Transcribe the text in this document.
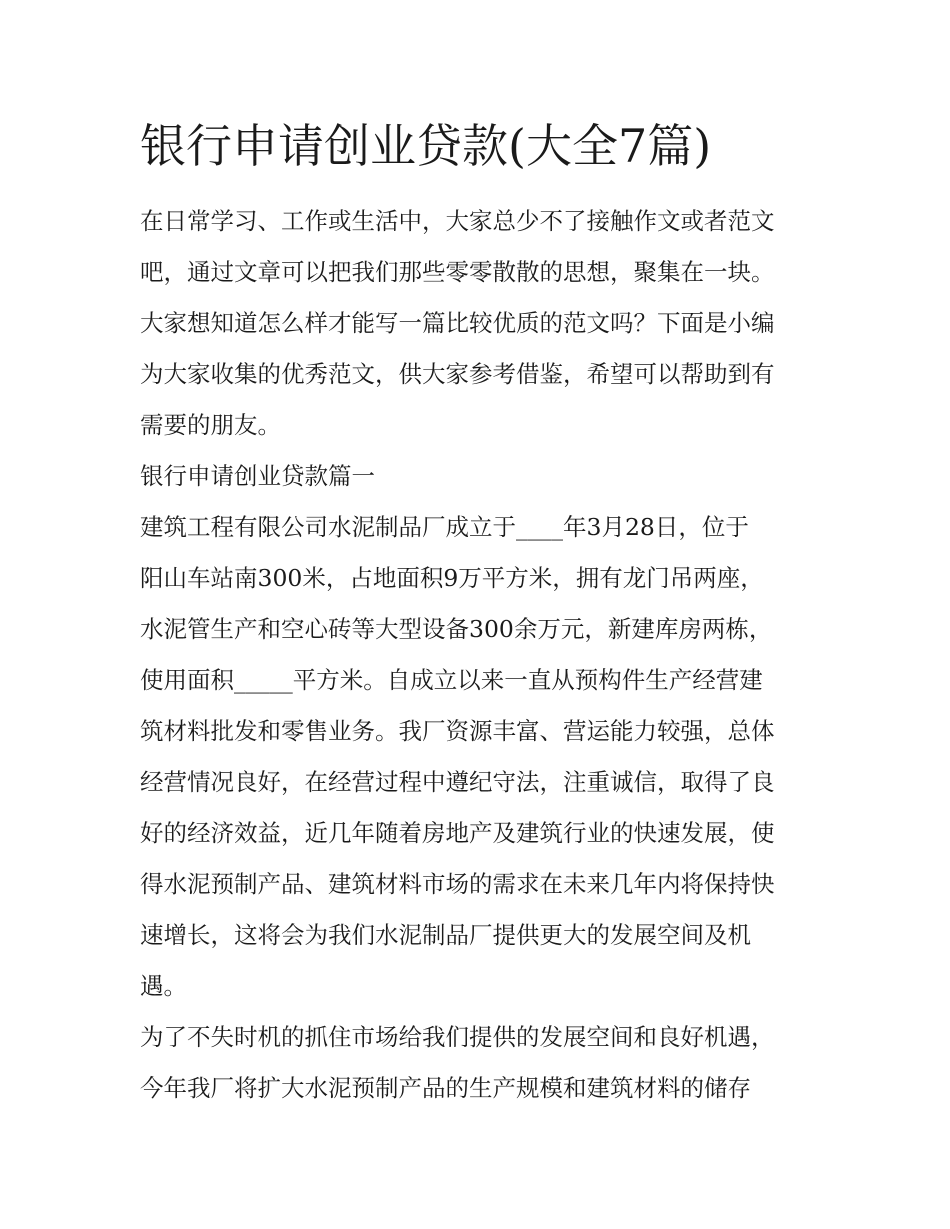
银行申请创业贷款(大全7篇)

在日常学习、工作或生活中，大家总少不了接触作文或者范文

吧，通过文章可以把我们那些零零散散的思想，聚集在一块。

大家想知道怎么样才能写一篇比较优质的范文吗？下面是小编

为大家收集的优秀范文，供大家参考借鉴，希望可以帮助到有

需要的朋友。

银行申请创业贷款篇一

建筑工程有限公司水泥制品厂成立于____年3月28日，位于

阳山车站南300米，占地面积9万平方米，拥有龙门吊两座，

水泥管生产和空心砖等大型设备300余万元，新建库房两栋，

使用面积_____平方米。自成立以来一直从预构件生产经营建

筑材料批发和零售业务。我厂资源丰富、营运能力较强，总体

经营情况良好，在经营过程中遵纪守法，注重诚信，取得了良

好的经济效益，近几年随着房地产及建筑行业的快速发展，使

得水泥预制产品、建筑材料市场的需求在未来几年内将保持快

速增长，这将会为我们水泥制品厂提供更大的发展空间及机

遇。

为了不失时机的抓住市场给我们提供的发展空间和良好机遇，

今年我厂将扩大水泥预制产品的生产规模和建筑材料的储存
